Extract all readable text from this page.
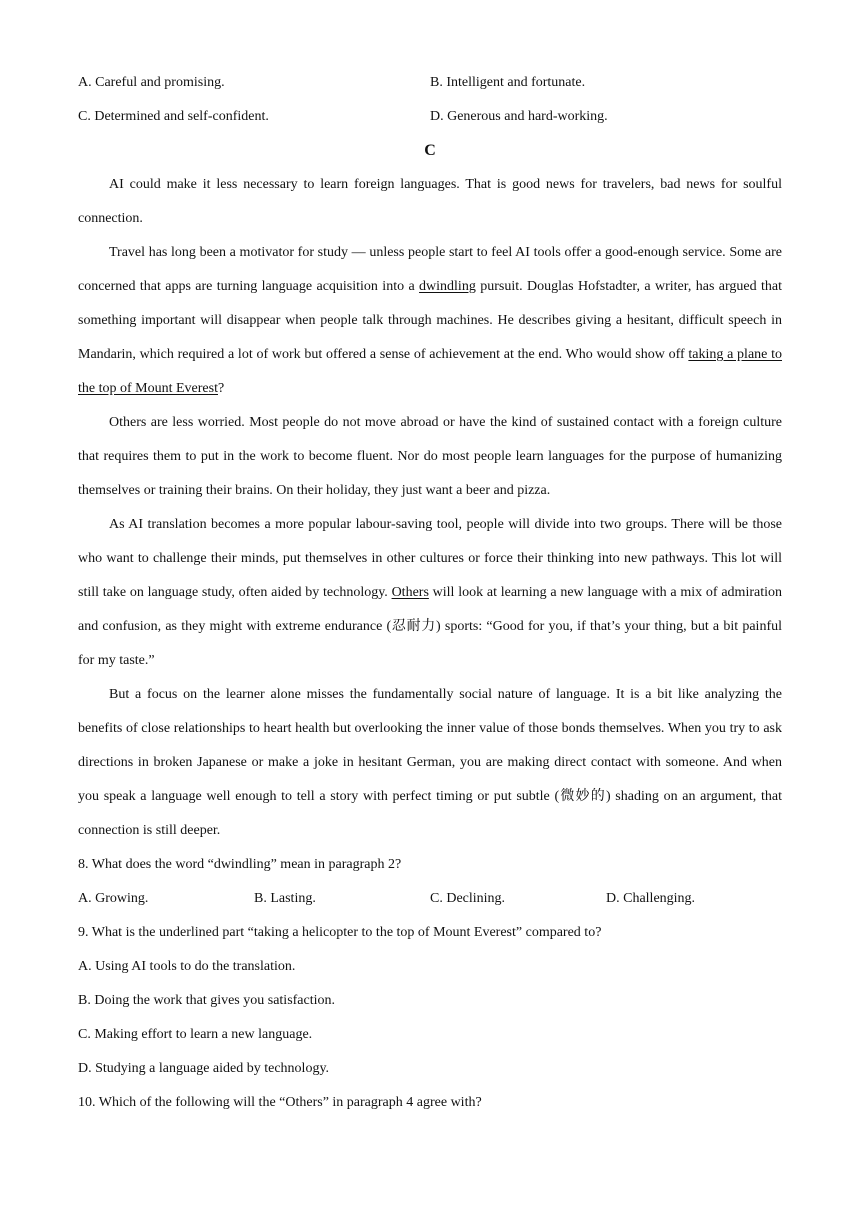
A. Careful and promising.	B. Intelligent and fortunate.
C. Determined and self-confident.	D. Generous and hard-working.
C

AI could make it less necessary to learn foreign languages. That is good news for travelers, bad news for soulful connection.

Travel has long been a motivator for study — unless people start to feel AI tools offer a good-enough service. Some are concerned that apps are turning language acquisition into a dwindling pursuit. Douglas Hofstadter, a writer, has argued that something important will disappear when people talk through machines. He describes giving a hesitant, difficult speech in Mandarin, which required a lot of work but offered a sense of achievement at the end. Who would show off taking a plane to the top of Mount Everest?

Others are less worried. Most people do not move abroad or have the kind of sustained contact with a foreign culture that requires them to put in the work to become fluent. Nor do most people learn languages for the purpose of humanizing themselves or training their brains. On their holiday, they just want a beer and pizza.

As AI translation becomes a more popular labour-saving tool, people will divide into two groups. There will be those who want to challenge their minds, put themselves in other cultures or force their thinking into new pathways. This lot will still take on language study, often aided by technology. Others will look at learning a new language with a mix of admiration and confusion, as they might with extreme endurance (忍耐力) sports: “Good for you, if that’s your thing, but a bit painful for my taste.”

But a focus on the learner alone misses the fundamentally social nature of language. It is a bit like analyzing the benefits of close relationships to heart health but overlooking the inner value of those bonds themselves. When you try to ask directions in broken Japanese or make a joke in hesitant German, you are making direct contact with someone. And when you speak a language well enough to tell a story with perfect timing or put subtle (微妙的) shading on an argument, that connection is still deeper.

8. What does the word “dwindling” mean in paragraph 2?
A. Growing.	B. Lasting.	C. Declining.	D. Challenging.
9. What is the underlined part “taking a helicopter to the top of Mount Everest” compared to?
A. Using AI tools to do the translation.
B. Doing the work that gives you satisfaction.
C. Making effort to learn a new language.
D. Studying a language aided by technology.
10. Which of the following will the “Others” in paragraph 4 agree with?
